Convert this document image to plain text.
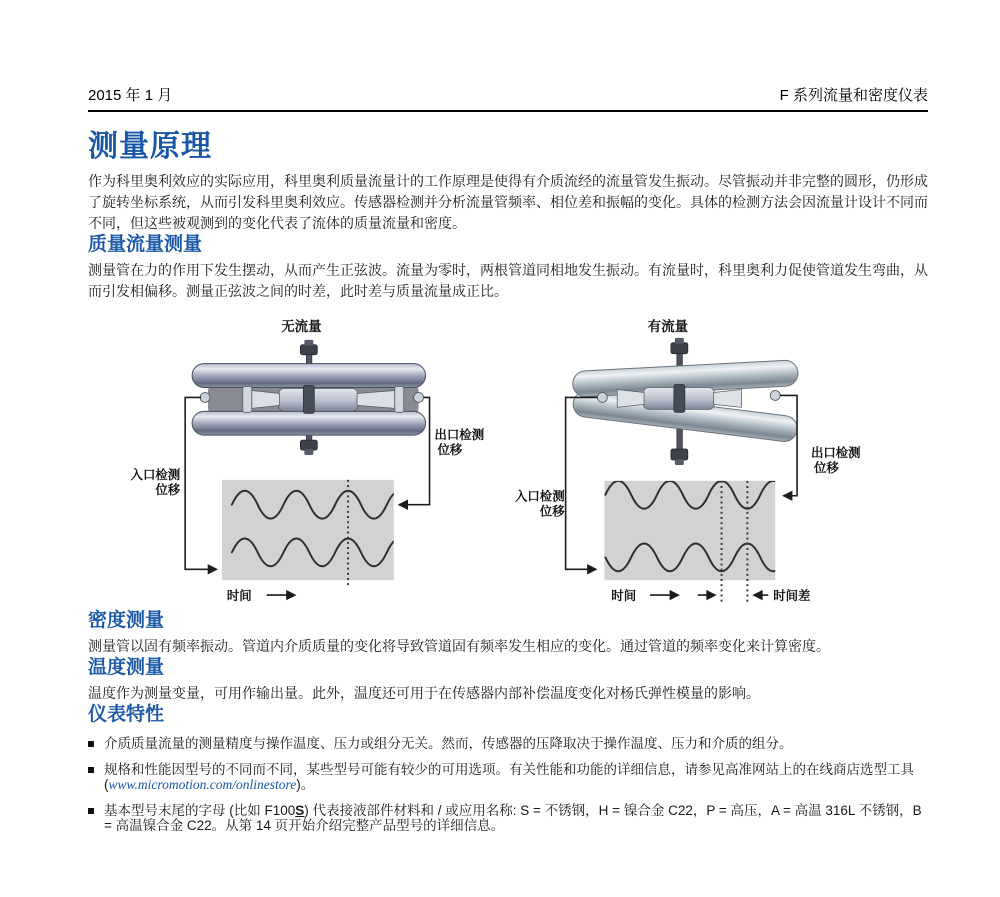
2015 年 1 月	F 系列流量和密度仪表
测量原理

作为科里奥利效应的实际应用，科里奥利质量流量计的工作原理是使得有介质流经的流量管发生振动。尽管振动并非完整的圆形，仍形成了旋转坐标系统，从而引发科里奥利效应。传感器检测并分析流量管频率、相位差和振幅的变化。具体的检测方法会因流量计设计不同而不同，但这些被观测到的变化代表了流体的质量流量和密度。

质量流量测量

测量管在力的作用下发生摆动，从而产生正弦波。流量为零时，两根管道同相地发生振动。有流量时，科里奥利力促使管道发生弯曲，从而引发相偏移。测量正弦波之间的时差，此时差与质量流量成正比。

无流量
入口检测
位移
出口检测
位移
时间
有流量
入口检测
位移
出口检测
位移
时间	时间差
密度测量

测量管以固有频率振动。管道内介质质量的变化将导致管道固有频率发生相应的变化。通过管道的频率变化来计算密度。

温度测量

温度作为测量变量，可用作输出量。此外，温度还可用于在传感器内部补偿温度变化对杨氏弹性模量的影响。

仪表特性
介质质量流量的测量精度与操作温度、压力或组分无关。然而，传感器的压降取决于操作温度、压力和介质的组分。
规格和性能因型号的不同而不同，某些型号可能有较少的可用选项。有关性能和功能的详细信息，请参见高准网站上的在线商店选型工具 (www.micromotion.com/onlinestore)。
基本型号末尾的字母 (比如 F100S) 代表接液部件材料和 / 或应用名称: S = 不锈钢，H = 镍合金 C22，P = 高压，A = 高温 316L 不锈钢，B = 高温镍合金 C22。从第 14 页开始介绍完整产品型号的详细信息。
